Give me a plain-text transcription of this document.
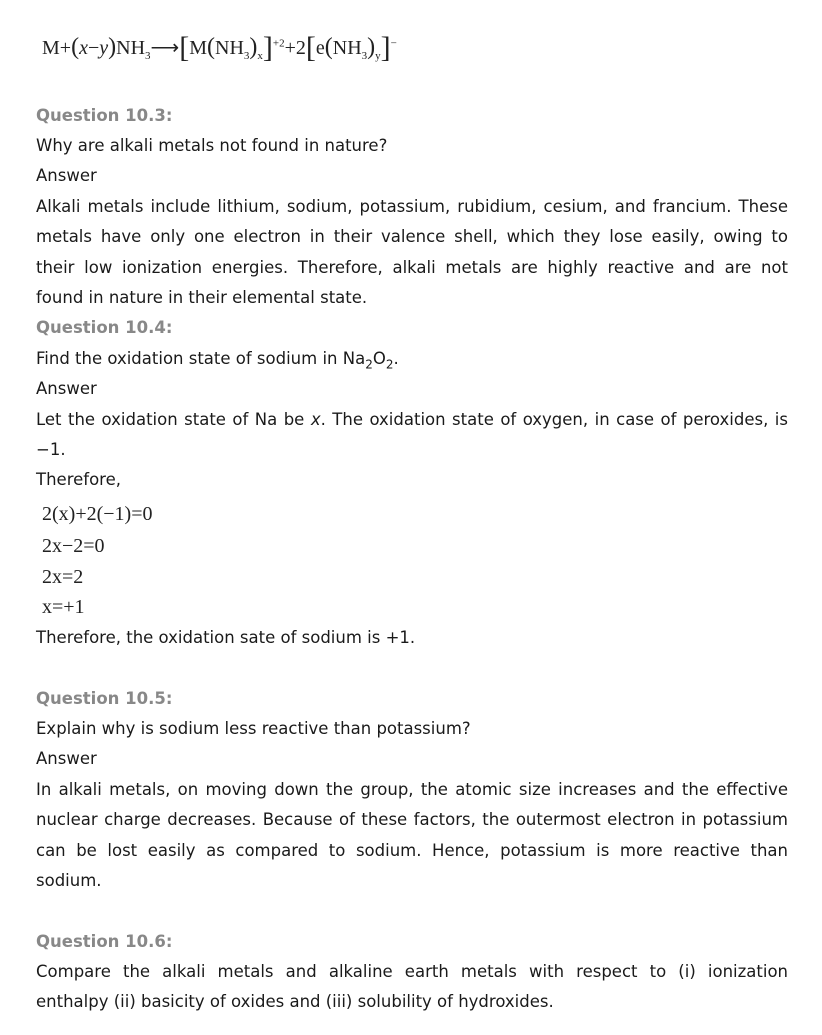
$M+(x-y)NH_3⟶[M(NH_3)_x]^{+2}+2[e(NH_3)_y]^-$
Question 10.3:
Why are alkali metals not found in nature?
Answer
Alkali metals include lithium, sodium, potassium, rubidium, cesium, and francium. These
metals have only one electron in their valence shell, which they lose easily, owing to
their low ionization energies. Therefore, alkali metals are highly reactive and are not
found in nature in their elemental state.
Question 10.4:
Find the oxidation state of sodium in $Na_2O_2$.
Answer
Let the oxidation state of Na be x. The oxidation state of oxygen, in case of peroxides, is
−1.
Therefore,
2(x)+2(−1)=0
2x−2=0
2x=2
x=+1
Therefore, the oxidation sate of sodium is +1.
Question 10.5:
Explain why is sodium less reactive than potassium?
Answer
In alkali metals, on moving down the group, the atomic size increases and the effective
nuclear charge decreases. Because of these factors, the outermost electron in potassium
can be lost easily as compared to sodium. Hence, potassium is more reactive than
sodium.
Question 10.6:
Compare the alkali metals and alkaline earth metals with respect to (i) ionization
enthalpy (ii) basicity of oxides and (iii) solubility of hydroxides.
